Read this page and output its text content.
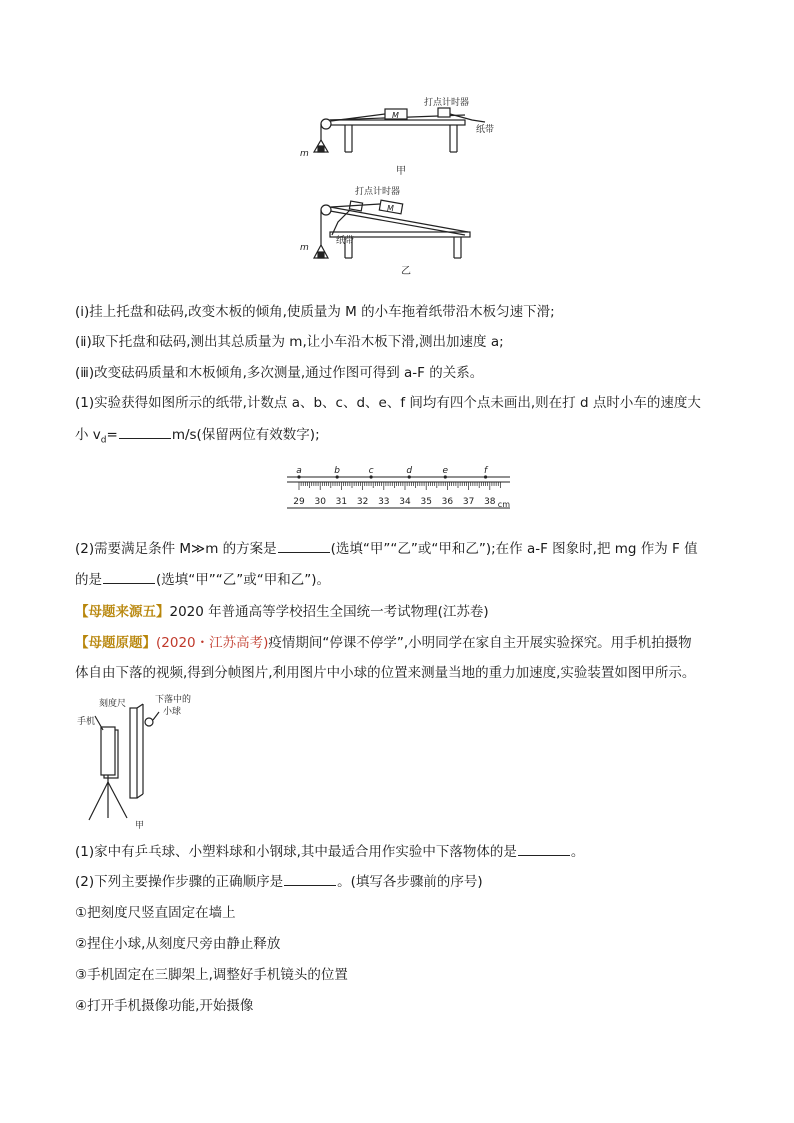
打点计时器
M
纸带
m
甲
打点计时器
M
纸带
m
乙
(ⅰ)挂上托盘和砝码,改变木板的倾角,使质量为 M 的小车拖着纸带沿木板匀速下滑;
(ⅱ)取下托盘和砝码,测出其总质量为 m,让小车沿木板下滑,测出加速度 a;
(ⅲ)改变砝码质量和木板倾角,多次测量,通过作图可得到 a-F 的关系。
(1)实验获得如图所示的纸带,计数点 a、b、c、d、e、f 间均有四个点未画出,则在打 d 点时小车的速度大
小 $v_d=$	m/s(保留两位有效数字);
29 30 31 32 33 34 35 36 37 38 cm
a	b	c	d	e	f
(2)需要满足条件 M≫m 的方案是	(选填“甲”“乙”或“甲和乙”);在作 a-F 图象时,把 mg 作为 F 值
的是	(选填“甲”“乙”或“甲和乙”)。
【母题来源五】2020 年普通高等学校招生全国统一考试物理(江苏卷)
【母题原题】(2020・江苏高考)疫情期间“停课不停学”,小明同学在家自主开展实验探究。用手机拍摄物
体自由下落的视频,得到分帧图片,利用图片中小球的位置来测量当地的重力加速度,实验装置如图甲所示。
刻度尺	下落中的
小球
手机
甲
(1)家中有乒乓球、小塑料球和小钢球,其中最适合用作实验中下落物体的是	。
(2)下列主要操作步骤的正确顺序是	。(填写各步骤前的序号)
①把刻度尺竖直固定在墙上
②捏住小球,从刻度尺旁由静止释放
③手机固定在三脚架上,调整好手机镜头的位置
④打开手机摄像功能,开始摄像
